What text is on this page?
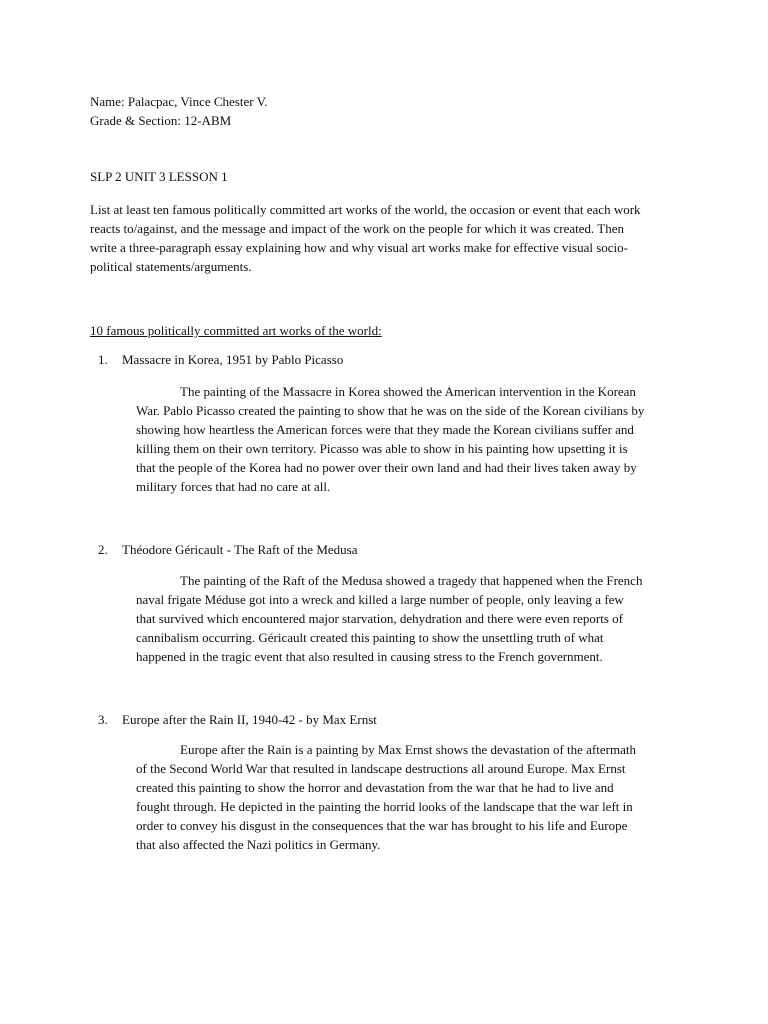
Name: Palacpac, Vince Chester V.
Grade & Section: 12-ABM
SLP 2 UNIT 3 LESSON 1
List at least ten famous politically committed art works of the world, the occasion or event that each work
reacts to/against, and the message and impact of the work on the people for which it was created. Then
write a three-paragraph essay explaining how and why visual art works make for effective visual socio-
political statements/arguments.
10 famous politically committed art works of the world:
1. Massacre in Korea, 1951 by Pablo Picasso
The painting of the Massacre in Korea showed the American intervention in the Korean
War. Pablo Picasso created the painting to show that he was on the side of the Korean civilians by
showing how heartless the American forces were that they made the Korean civilians suffer and
killing them on their own territory. Picasso was able to show in his painting how upsetting it is
that the people of the Korea had no power over their own land and had their lives taken away by
military forces that had no care at all.
2. Théodore Géricault - The Raft of the Medusa
The painting of the Raft of the Medusa showed a tragedy that happened when the French
naval frigate Méduse got into a wreck and killed a large number of people, only leaving a few
that survived which encountered major starvation, dehydration and there were even reports of
cannibalism occurring. Géricault created this painting to show the unsettling truth of what
happened in the tragic event that also resulted in causing stress to the French government.
3. Europe after the Rain II, 1940-42 - by Max Ernst
Europe after the Rain is a painting by Max Ernst shows the devastation of the aftermath
of the Second World War that resulted in landscape destructions all around Europe. Max Ernst
created this painting to show the horror and devastation from the war that he had to live and
fought through. He depicted in the painting the horrid looks of the landscape that the war left in
order to convey his disgust in the consequences that the war has brought to his life and Europe
that also affected the Nazi politics in Germany.
